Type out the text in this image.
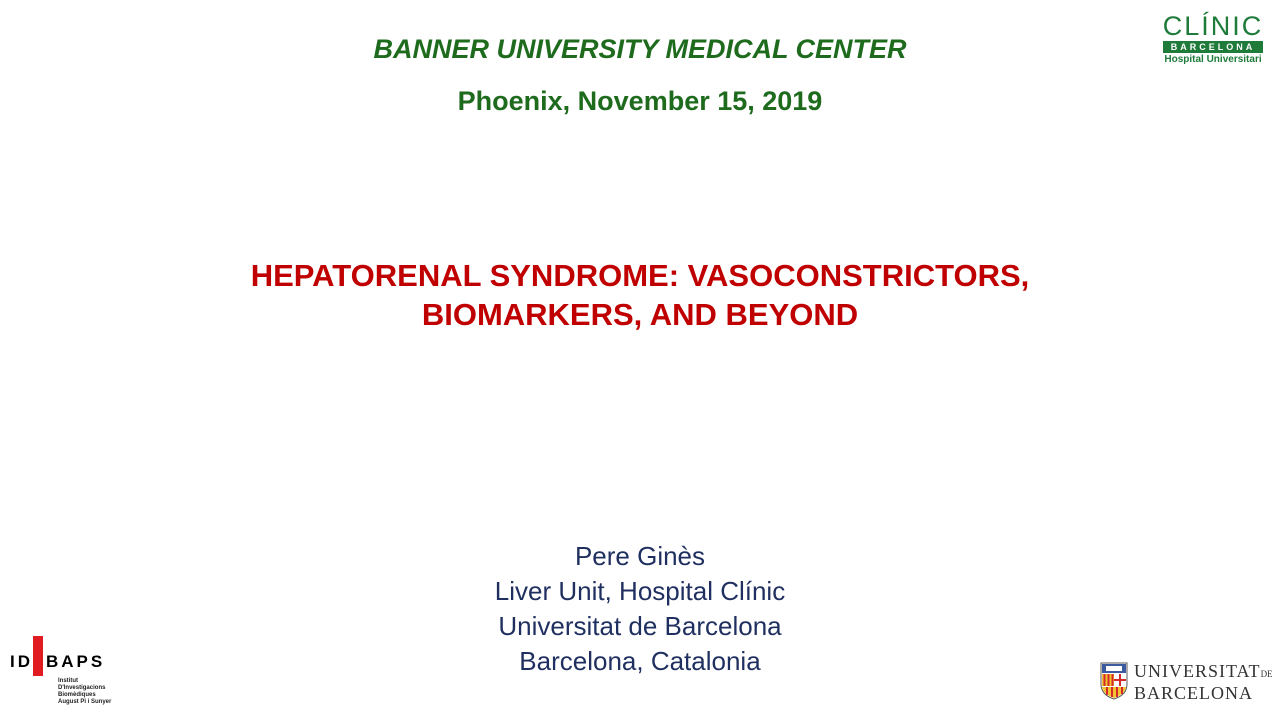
BANNER UNIVERSITY MEDICAL CENTER
Phoenix, November 15, 2019
HEPATORENAL SYNDROME: VASOCONSTRICTORS,
BIOMARKERS, AND BEYOND
Pere Ginès
Liver Unit, Hospital Clínic
Universitat de Barcelona
Barcelona, Catalonia
CLÍNIC
BARCELONA
Hospital Universitari
ID BAPS
Institut
D'Investigacions
Biomèdiques
August Pi i Sunyer
UNIVERSITATDE
BARCELONA
